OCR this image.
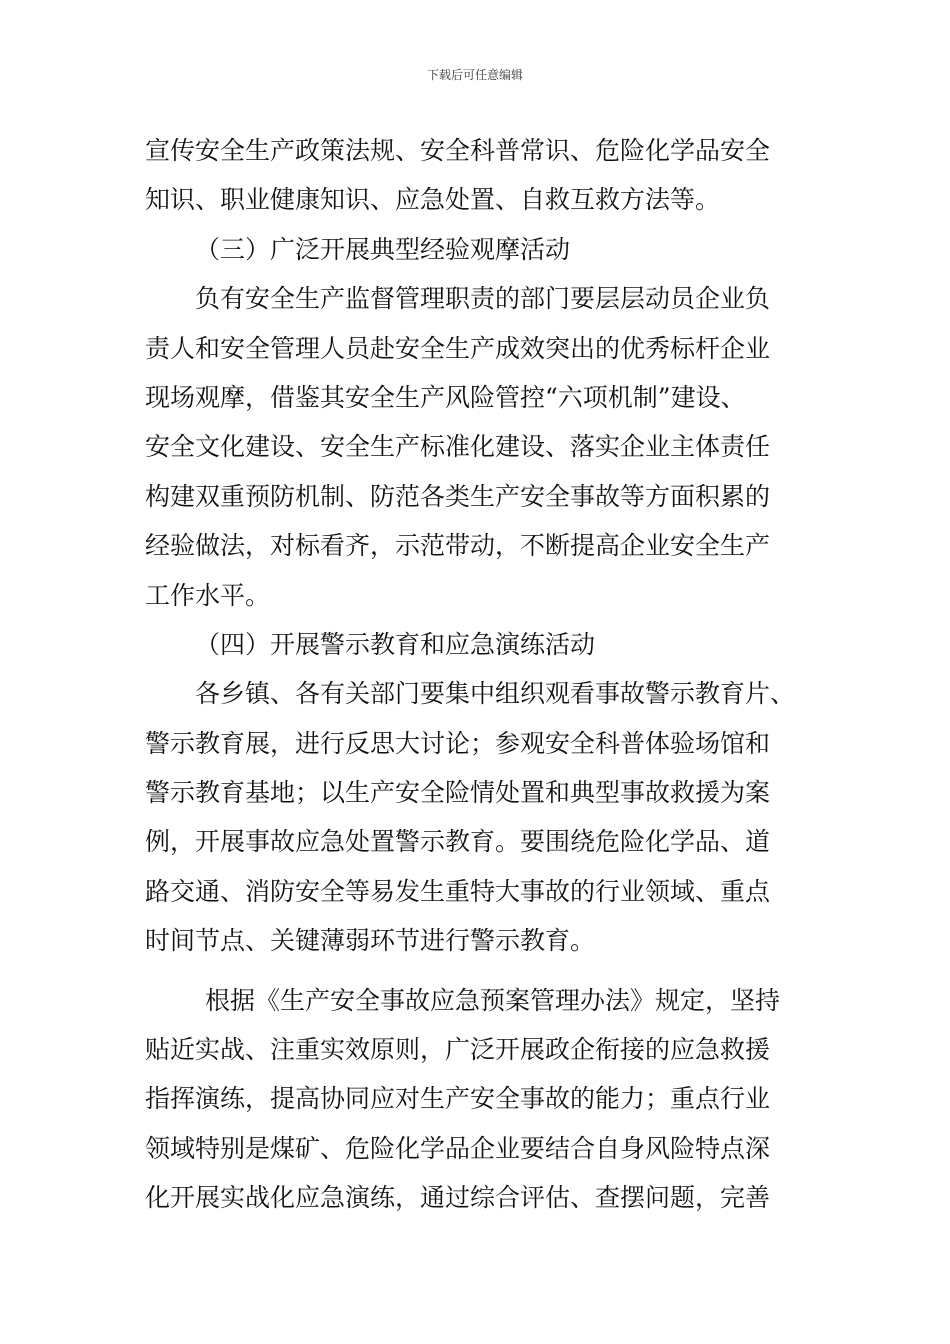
下载后可任意编辑
宣传安全生产政策法规、安全科普常识、危险化学品安全
知识、职业健康知识、应急处置、自救互救方法等。
（三）广泛开展典型经验观摩活动
负有安全生产监督管理职责的部门要层层动员企业负
责人和安全管理人员赴安全生产成效突出的优秀标杆企业
现场观摩，借鉴其安全生产风险管控“六项机制”建设、
安全文化建设、安全生产标准化建设、落实企业主体责任
构建双重预防机制、防范各类生产安全事故等方面积累的
经验做法，对标看齐，示范带动，不断提高企业安全生产
工作水平。
（四）开展警示教育和应急演练活动
各乡镇、各有关部门要集中组织观看事故警示教育片、
警示教育展，进行反思大讨论；参观安全科普体验场馆和
警示教育基地；以生产安全险情处置和典型事故救援为案
例，开展事故应急处置警示教育。要围绕危险化学品、道
路交通、消防安全等易发生重特大事故的行业领域、重点
时间节点、关键薄弱环节进行警示教育。
根据《生产安全事故应急预案管理办法》规定，坚持
贴近实战、注重实效原则，广泛开展政企衔接的应急救援
指挥演练，提高协同应对生产安全事故的能力；重点行业
领域特别是煤矿、危险化学品企业要结合自身风险特点深
化开展实战化应急演练，通过综合评估、查摆问题，完善
